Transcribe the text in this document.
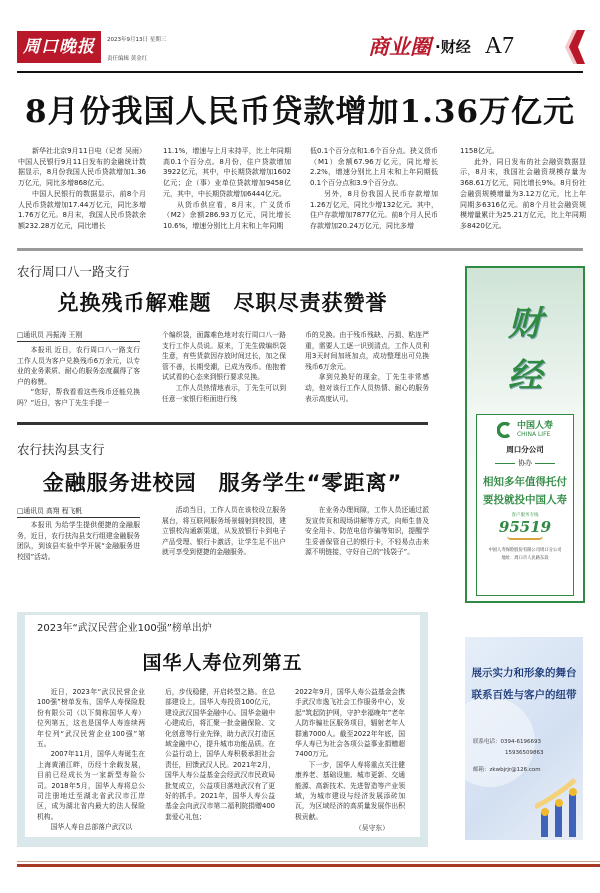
周口晚报	2023年9月13日 星期三
责任编辑 黄金红	商业圈 ·财经 A7
8月份我国人民币贷款增加1.36万亿元

新华社北京9月11日电（记者 吴雨）中国人民银行9月11日发布的金融统计数据显示，8月份我国人民币贷款增加1.36万亿元，同比多增868亿元。

中国人民银行的数据显示，前8个月人民币贷款增加17.44万亿元，同比多增1.76万亿元。8月末，我国人民币贷款余额232.28万亿元，同比增长

11.1%，增速与上月末持平，比上年同期高0.1个百分点。8月份，住户贷款增加3922亿元，其中，中长期贷款增加1602亿元；企（事）业单位贷款增加9458亿元，其中，中长期贷款增加6444亿元。

从货币供应看，8月末，广义货币（M2）余额286.93万亿元，同比增长10.6%，增速分别比上月末和上年同期

低0.1个百分点和1.6个百分点。狭义货币（M1）余额67.96万亿元，同比增长2.2%，增速分别比上月末和上年同期低0.1个百分点和3.9个百分点。

另外，8月份我国人民币存款增加1.26万亿元，同比少增132亿元。其中，住户存款增加7877亿元。前8个月人民币存款增加20.24万亿元，同比多增

1158亿元。

此外，同日发布的社会融资数据显示，8月末，我国社会融资规模存量为368.61万亿元，同比增长9%。8月份社会融资规模增量为3.12万亿元，比上年同期多6316亿元。前8个月社会融资规模增量累计为25.21万亿元，比上年同期多8420亿元。

农行周口八一路支行
兑换残币解难题　尽职尽责获赞誉
□通讯员 冯振涛 王刚

本报讯 近日，农行周口八一路支行工作人员为客户兑换残币6万余元，以专业的业务素质、耐心的服务态度赢得了客户的称赞。

“您好，帮我看看这些残币还能兑换吗？”近日，客户丁先生手提一

个编织袋，面露难色地对农行周口八一路支行工作人员说。原来，丁先生做编织袋生意，有些货款因存放时间过长，加之保管不善，长期受潮，已成为残币。他抱着试试看的心态来到银行要求兑换。

工作人员热情地表示，丁先生可以到任意一家银行柜面进行残

币的兑换。由于残币残缺、污损、粘连严重，需要人工逐一识别清点，工作人员利用3天时间加班加点，成功整理出可兑换残币6万余元。

拿到兑换好的现金，丁先生非常感动，他对该行工作人员热情、耐心的服务表示高度认可。

农行扶沟县支行
金融服务进校园　服务学生“零距离”
□通讯员 高翔 程飞帆

本报讯 为给学生提供便捷的金融服务，近日，农行扶沟县支行组建金融服务团队，到该县实验中学开展“金融服务进校园”活动。

活动当日，工作人员在该校设立服务展台，将互联网服务场景辐射到校园，建立银校沟通新渠道，从发放银行卡到电子产品受理、银行卡激活，让学生足不出户就可享受到便捷的金融服务。

在业务办理间隙，工作人员还通过派发宣传页和现场讲解等方式，向师生普及安全用卡、防范电信诈骗等知识，提醒学生妥善保管自己的银行卡，不轻易点击来源不明链接，守好自己的“钱袋子”。

财
经
中国人寿
CHINA LIFE
周口分公司
协办
相知多年值得托付
要投就投中国人寿
客户服务专线
95519
中国人寿保险股份有限公司周口分公司
地址：周口市人民路东段
2023年“武汉民营企业100强”榜单出炉
国华人寿位列第五

近日，2023年“武汉民营企业100强”榜单发布，国华人寿保险股份有限公司（以下简称国华人寿）位列第五，这也是国华人寿连续两年位列“武汉民营企业100强”第五。

2007年11月，国华人寿诞生在上海黄浦江畔，历经十余载发展，目前已经成长为一家新型寿险公司。2018年5月，国华人寿将总公司注册地迁至湖北省武汉市江岸区，成为湖北省内最大的法人保险机构。

国华人寿自总部落户武汉以

后，步伐稳健，开启转型之路。在总部建设上，国华人寿投资100亿元，建设武汉国华金融中心。国华金融中心建成后，将汇聚一批金融保险、文化创意等行业先锋，助力武汉打造区域金融中心，提升城市功能品质。在公益行动上，国华人寿积极承担社会责任，回馈武汉人民。2021年2月，国华人寿公益基金会经武汉市民政局批复成立，公益项目落地武汉有了更好的抓手。2021年，国华人寿公益基金会向武汉市第二福利院捐赠400套爱心礼包；

2022年9月，国华人寿公益基金会携手武汉市逸飞社会工作服务中心，发起“筑起防护网，守护幸福晚年”老年人防诈骗社区服务项目，辐射老年人群逾7000人。截至2022年年底，国华人寿已为社会各项公益事业捐赠超7400万元。

下一步，国华人寿将重点关注健康养老、基础设施、城市更新、交通能源、高新技术、先进智造等产业领域，为城市建设与经济发展添砖加瓦，为区域经济的高质量发展作出积极贡献。

（吴守东）
展示实力和形象的舞台
联系百姓与客户的纽带
联系电话：0394-6196693
15936509863
邮箱：zkwbjrjr@126.com
